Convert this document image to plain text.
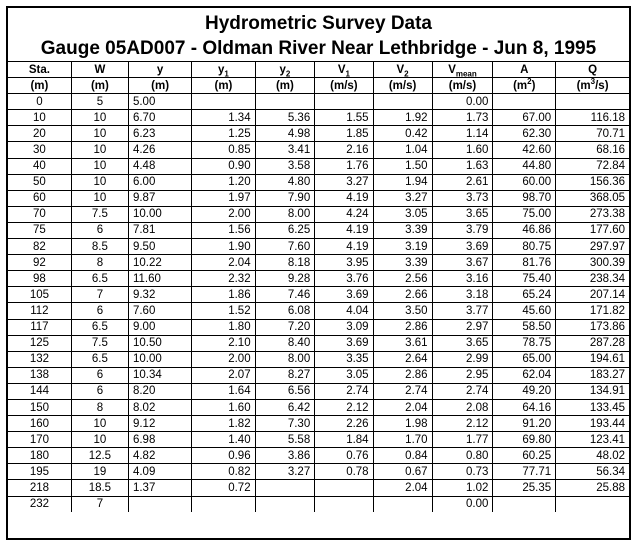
Hydrometric Survey Data
Gauge 05AD007 - Oldman River Near Lethbridge - Jun 8, 1995
Sta.	W	y	$y_1$	$y_2$	$V_1$	$V_2$	$V_{mean}$	A	Q
(m)	(m)	(m)	(m)	(m)	(m/s)	(m/s)	(m/s)	$(m^2)$	$(m^3/s)$
0	5	5.00					0.00		
10	10	6.70	1.34	5.36	1.55	1.92	1.73	67.00	116.18
20	10	6.23	1.25	4.98	1.85	0.42	1.14	62.30	70.71
30	10	4.26	0.85	3.41	2.16	1.04	1.60	42.60	68.16
40	10	4.48	0.90	3.58	1.76	1.50	1.63	44.80	72.84
50	10	6.00	1.20	4.80	3.27	1.94	2.61	60.00	156.36
60	10	9.87	1.97	7.90	4.19	3.27	3.73	98.70	368.05
70	7.5	10.00	2.00	8.00	4.24	3.05	3.65	75.00	273.38
75	6	7.81	1.56	6.25	4.19	3.39	3.79	46.86	177.60
82	8.5	9.50	1.90	7.60	4.19	3.19	3.69	80.75	297.97
92	8	10.22	2.04	8.18	3.95	3.39	3.67	81.76	300.39
98	6.5	11.60	2.32	9.28	3.76	2.56	3.16	75.40	238.34
105	7	9.32	1.86	7.46	3.69	2.66	3.18	65.24	207.14
112	6	7.60	1.52	6.08	4.04	3.50	3.77	45.60	171.82
117	6.5	9.00	1.80	7.20	3.09	2.86	2.97	58.50	173.86
125	7.5	10.50	2.10	8.40	3.69	3.61	3.65	78.75	287.28
132	6.5	10.00	2.00	8.00	3.35	2.64	2.99	65.00	194.61
138	6	10.34	2.07	8.27	3.05	2.86	2.95	62.04	183.27
144	6	8.20	1.64	6.56	2.74	2.74	2.74	49.20	134.91
150	8	8.02	1.60	6.42	2.12	2.04	2.08	64.16	133.45
160	10	9.12	1.82	7.30	2.26	1.98	2.12	91.20	193.44
170	10	6.98	1.40	5.58	1.84	1.70	1.77	69.80	123.41
180	12.5	4.82	0.96	3.86	0.76	0.84	0.80	60.25	48.02
195	19	4.09	0.82	3.27	0.78	0.67	0.73	77.71	56.34
218	18.5	1.37	0.72			2.04	1.02	25.35	25.88
232	7						0.00		
